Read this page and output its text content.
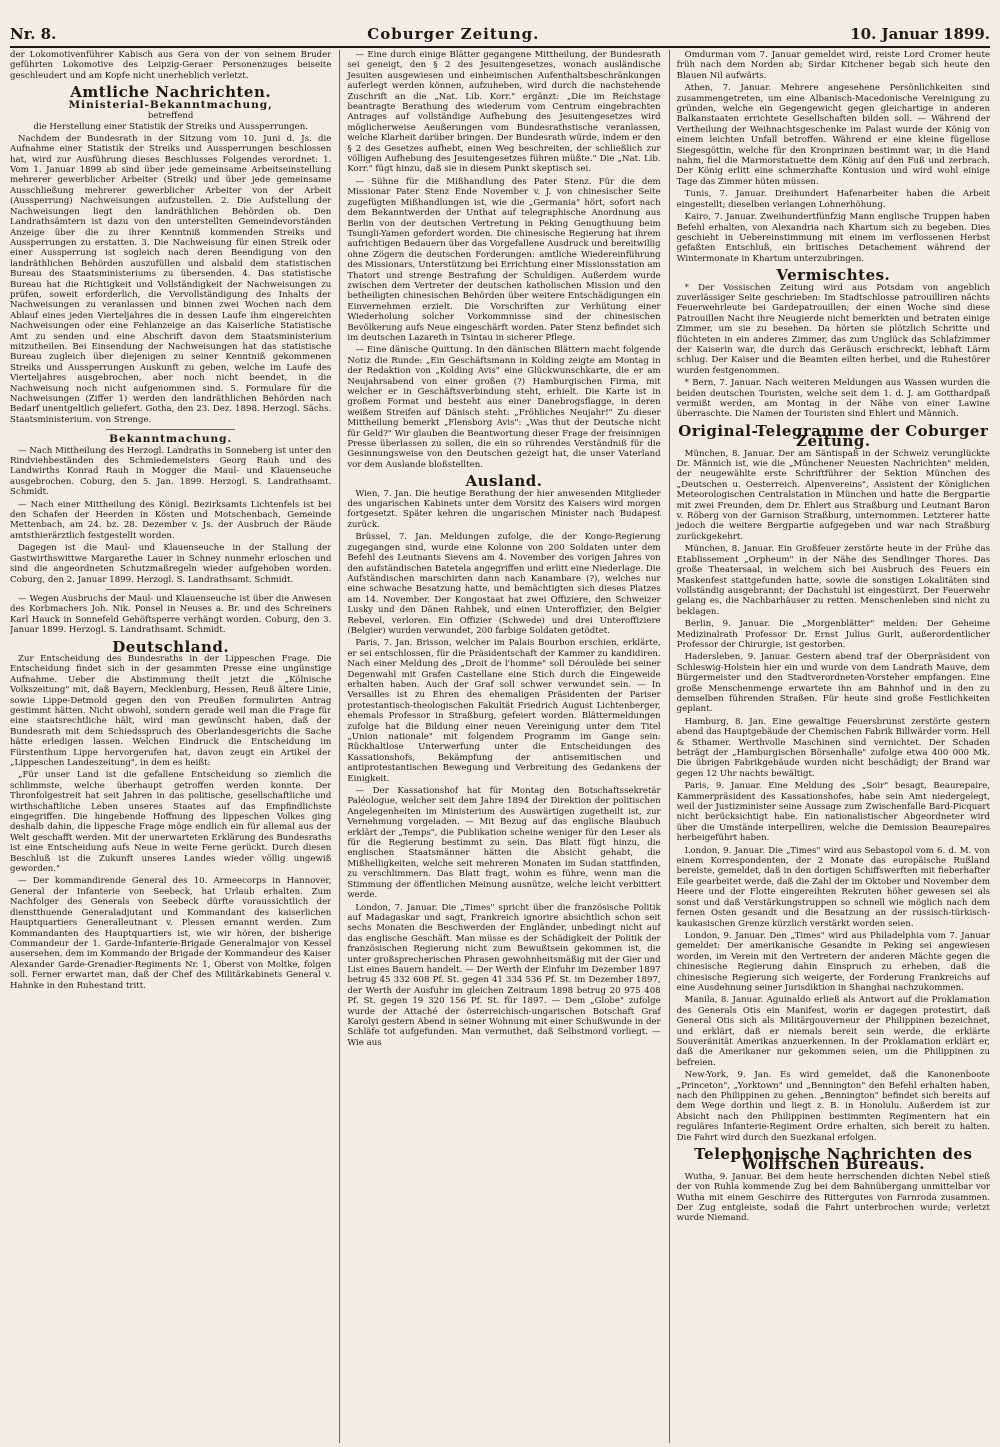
Nr. 8.	Coburger Zeitung.	10. Januar 1899.

der Lokomotivenführer Kabisch aus Gera von der von seinem Bruder geführten Lokomotive des Leipzig-Geraer Personenzuges beiseite geschleudert und am Kopfe nicht unerheblich verletzt.

Amtliche Nachrichten.
Ministerial-Bekanntmachung,
betreffend
die Herstellung einer Statistik der Streiks und Aussperrungen.

Nachdem der Bundesrath in der Sitzung vom 10. Juni d. Js. die Aufnahme einer Statistik der Streiks und Aussperrungen beschlossen hat, wird zur Ausführung dieses Beschlusses Folgendes verordnet: 1. Vom 1. Januar 1899 ab sind über jede gemeinsame Arbeitseinstellung mehrerer gewerblicher Arbeiter (Streik) und über jede gemeinsame Ausschließung mehrerer gewerblicher Arbeiter von der Arbeit (Aussperrung) Nachweisungen aufzustellen. 2. Die Aufstellung der Nachweisungen liegt den landräthlichen Behörden ob. Den Landrathsämtern ist dazu von den unterstellten Gemeindevorständen Anzeige über die zu ihrer Kenntniß kommenden Streiks und Aussperrungen zu erstatten. 3. Die Nachweisung für einen Streik oder einer Aussperrung ist sogleich nach deren Beendigung von den landräthlichen Behörden auszufüllen und alsbald dem statistischen Bureau des Staatsministeriums zu übersenden. 4. Das statistische Bureau hat die Richtigkeit und Vollständigkeit der Nachweisungen zu prüfen, soweit erforderlich, die Vervollständigung des Inhalts der Nachweisungen zu veranlassen und binnen zwei Wochen nach dem Ablauf eines jeden Vierteljahres die in dessen Laufe ihm eingereichten Nachweisungen oder eine Fehlanzeige an das Kaiserliche Statistische Amt zu senden und eine Abschrift davon dem Staatsministerium mitzutheilen. Bei Einsendung der Nachweisungen hat das statistische Bureau zugleich über diejenigen zu seiner Kenntniß gekommenen Streiks und Aussperrungen Auskunft zu geben, welche im Laufe des Vierteljahres ausgebrochen, aber noch nicht beendet, in die Nachweisung noch nicht aufgenommen sind. 5. Formulare für die Nachweisungen (Ziffer 1) werden den landräthlichen Behörden nach Bedarf unentgeltlich geliefert. Gotha, den 23. Dez. 1898. Herzogl. Sächs. Staatsministerium. von Strenge.

Bekanntmachung.

— Nach Mittheilung des Herzogl. Landraths in Sonneberg ist unter den Rindviehbeständen des Schmiedemeisters Georg Rauh und des Landwirths Konrad Rauh in Mogger die Maul- und Klauenseuche ausgebrochen. Coburg, den 5. Jan. 1899. Herzogl. S. Landrathsamt. Schmidt.

— Nach einer Mittheilung des Königl. Bezirksamts Lichtenfels ist bei den Schafen der Heerden in Kösten und Motschenbach, Gemeinde Mettenbach, am 24. bz. 28. Dezember v. Js. der Ausbruch der Räude amtsthierärztlich festgestellt worden.

Dagegen ist die Maul- und Klauenseuche in der Stallung der Gastwirthswittwe Margarethe Lauer in Schney nunmehr erloschen und sind die angeordneten Schutzmaßregeln wieder aufgehoben worden. Coburg, den 2. Januar 1899. Herzogl. S. Landrathsamt. Schmidt.

— Wegen Ausbruchs der Maul- und Klauenseuche ist über die Anwesen des Korbmachers Joh. Nik. Ponsel in Neuses a. Br. und des Schreiners Karl Hauck in Sonnefeld Gehöftsperre verhängt worden. Coburg, den 3. Januar 1899. Herzogl. S. Landrathsamt. Schmidt.

Deutschland.

Zur Entscheidung des Bundesraths in der Lippeschen Frage. Die Entscheidung findet sich in der gesammten Presse eine ungünstige Aufnahme. Ueber die Abstimmung theilt jetzt die „Kölnische Volkszeitung" mit, daß Bayern, Mecklenburg, Hessen, Reuß ältere Linie, sowie Lippe-Detmold gegen den von Preußen formulirten Antrag gestimmt hätten. Nicht obwohl, sondern gerade weil man die Frage für eine staatsrechtliche hält, wird man gewünscht haben, daß der Bundesrath mit dem Schiedsspruch des Oberlandesgerichts die Sache hätte erledigen lassen. Welchen Eindruck die Entscheidung im Fürstenthum Lippe hervorgerufen hat, davon zeugt ein Artikel der „Lippeschen Landeszeitung", in dem es heißt:

„Für unser Land ist die gefallene Entscheidung so ziemlich die schlimmste, welche überhaupt getroffen werden konnte. Der Thronfolgestreit hat seit Jahren in das politische, gesellschaftliche und wirthschaftliche Leben unseres Staates auf das Empfindlichste eingegriffen. Die hingebende Hoffnung des lippeschen Volkes ging deshalb dahin, die lippesche Frage möge endlich ein für allemal aus der Welt geschafft werden. Mit der unerwarteten Erklärung des Bundesraths ist eine Entscheidung aufs Neue in weite Ferne gerückt. Durch diesen Beschluß ist die Zukunft unseres Landes wieder völlig ungewiß geworden."

— Der kommandirende General des 10. Armeecorps in Hannover, General der Infanterie von Seebeck, hat Urlaub erhalten. Zum Nachfolger des Generals von Seebeck dürfte voraussichtlich der dienstthuende Generaladjutant und Kommandant des kaiserlichen Hauptquartiers Generalleutnant v. Plessen ernannt werden. Zum Kommandanten des Hauptquartiers ist, wie wir hören, der bisherige Commandeur der 1. Garde-Infanterie-Brigade Generalmajor von Kessel ausersehen, dem im Kommando der Brigade der Kommandeur des Kaiser Alexander Garde-Grenadier-Regiments Nr. 1, Oberst von Moltke, folgen soll. Ferner erwartet man, daß der Chef des Militärkabinets General v. Hahnke in den Ruhestand tritt.

— Eine durch einige Blätter gegangene Mittheilung, der Bundesrath sei geneigt, den § 2 des Jesuitengesetzes, wonach ausländische Jesuiten ausgewiesen und einheimischen Aufenthaltsbeschränkungen auferlegt werden können, aufzuheben, wird durch die nachstehende Zuschrift an die „Nat. Lib. Korr." ergänzt: „Die im Reichstage beantragte Berathung des wiederum vom Centrum eingebrachten Antrages auf vollständige Aufhebung des Jesuitengesetzes wird möglicherweise Aeußerungen vom Bundesrathstische veranlassen, welche Klarheit darüber bringen. Der Bundesrath würde, indem er den § 2 des Gesetzes aufhebt, einen Weg beschreiten, der schließlich zur völligen Aufhebung des Jesuitengesetzes führen müßte." Die „Nat. Lib. Korr." fügt hinzu, daß sie in diesem Punkt skeptisch sei.

— Sühne für die Mißhandlung des Pater Stenz. Für die dem Missionar Pater Stenz Ende November v. J. von chinesischer Seite zugefügten Mißhandlungen ist, wie die „Germania" hört, sofort nach dem Bekanntwerden der Unthat auf telegraphische Anordnung aus Berlin von der deutschen Vertretung in Peking Genugthuung beim Tsungli-Yamen gefordert worden. Die chinesische Regierung hat ihrem aufrichtigen Bedauern über das Vorgefallene Ausdruck und bereitwillig ohne Zögern die deutschen Forderungen: amtliche Wiedereinführung des Missionars, Unterstützung bei Errichtung einer Missionsstation am Thatort und strenge Bestrafung der Schuldigen. Außerdem wurde zwischen dem Vertreter der deutschen katholischen Mission und den betheiligten chinesischen Behörden über weitere Entschädigungen ein Einvernehmen erzielt. Die Vorschriften zur Verhütung einer Wiederholung solcher Vorkommnisse sind der chinesischen Bevölkerung aufs Neue eingeschärft worden. Pater Stenz befindet sich im deutschen Lazareth in Tsintau in sicherer Pflege.

— Eine dänische Quittung. In den dänischen Blättern macht folgende Notiz die Runde: „Ein Geschäftsmann in Kolding zeigte am Montag in der Redaktion von „Kolding Avis" eine Glückwunschkarte, die er am Neujahrsabend von einer großen (?) Hamburgischen Firma, mit welcher er in Geschäftsverbindung steht, erhielt. Die Karte ist in großem Format und besteht aus einer Danebrogsflagge, in deren weißem Streifen auf Dänisch steht: „Fröhliches Neujahr!" Zu dieser Mittheilung bemerkt „Flensborg Avis": „Was thut der Deutsche nicht für Geld?" Wir glauben die Beantwortung dieser Frage der freisinnigen Presse überlassen zu sollen, die ein so rührendes Verständniß für die Gesinnungsweise von den Deutschen gezeigt hat, die unser Vaterland vor dem Auslande bloßstellten.

Ausland.

Wien, 7. Jan. Die heutige Berathung der hier anwesenden Mitglieder des ungarischen Kabinets unter dem Vorsitz des Kaisers wird morgen fortgesetzt. Später kehren die ungarischen Minister nach Budapest zurück.

Brüssel, 7. Jan. Meldungen zufolge, die der Kongo-Regierung zugegangen sind, wurde eine Kolonne von 200 Soldaten unter dem Befehl des Leutnants Sievens am 4. November des vorigen Jahres von den aufständischen Batetela angegriffen und erlitt eine Niederlage. Die Aufständischen marschirten dann nach Kanambare (?), welches nur eine schwache Besatzung hatte, und bemächtigten sich dieses Platzes am 14. November. Der Kongostaat hat zwei Offiziere, den Schweizer Lusky und den Dänen Rahbek, und einen Unteroffizier, den Belgier Rebevel, verloren. Ein Offizier (Schwede) und drei Unteroffiziere (Belgier) wurden verwundet, 200 farbige Soldaten getödtet.

Paris, 7. Jan. Brisson, welcher im Palais Bourbon erschien, erklärte, er sei entschlossen, für die Präsidentschaft der Kammer zu kandidiren. Nach einer Meldung des „Droit de l'homme" soll Déroulède bei seiner Degenwahl mit Grafen Castellane eine Stich durch die Eingeweide erhalten haben. Auch der Graf soll schwer verwundet sein. — In Versailles ist zu Ehren des ehemaligen Präsidenten der Pariser protestantisch-theologischen Fakultät Friedrich August Lichtenberger, ehemals Professor in Straßburg, gefeiert worden. Blättermeldungen zufolge hat die Bildung einer neuen Vereinigung unter dem Titel „Union nationale" mit folgendem Programm im Gange sein: Rückhaltlose Unterwerfung unter die Entscheidungen des Kassationshofs, Bekämpfung der antisemitischen und antiprotestantischen Bewegung und Verbreitung des Gedankens der Einigkeit.

— Der Kassationshof hat für Montag den Botschaftssekretär Paléologue, welcher seit dem Jahre 1894 der Direktion der politischen Angelegenheiten im Ministerium des Auswärtigen zugetheilt ist, zur Vernehmung vorgeladen. — Mit Bezug auf das englische Blaubuch erklärt der „Temps", die Publikation scheine weniger für den Leser als für die Regierung bestimmt zu sein. Das Blatt fügt hinzu, die englischen Staatsmänner hätten die Absicht gehabt, die Mißhelligkeiten, welche seit mehreren Monaten im Sudan stattfinden, zu verschlimmern. Das Blatt fragt, wohin es führe, wenn man die Stimmung der öffentlichen Meinung ausnütze, welche leicht verbittert werde.

London, 7. Januar. Die „Times" spricht über die französische Politik auf Madagaskar und sagt, Frankreich ignorire absichtlich schon seit sechs Monaten die Beschwerden der Engländer, unbedingt nicht auf das englische Geschäft. Man müsse es der Schädigkeit der Politik der französischen Regierung nicht zum Bewußtsein gekommen ist, die unter großsprecherischen Phrasen gewohnheitsmäßig mit der Gier und List eines Bauern handelt. — Der Werth der Einfuhr im Dezember 1897 betrug 45 332 608 Pf. St. gegen 41 334 536 Pf. St. im Dezember 1897, der Werth der Ausfuhr im gleichen Zeitraum 1898 betrug 20 975 408 Pf. St. gegen 19 320 156 Pf. St. für 1897. — Dem „Globe" zufolge wurde der Attaché der österreichisch-ungarischen Botschaft Graf Karolyi gestern Abend in seiner Wohnung mit einer Schußwunde in der Schläfe tot aufgefunden. Man vermuthet, daß Selbstmord vorliegt. — Wie aus

Omdurman vom 7. Januar gemeldet wird, reiste Lord Cromer heute früh nach dem Norden ab; Sirdar Kitchener begab sich heute den Blauen Nil aufwärts.

Athen, 7. Januar. Mehrere angesehene Persönlichkeiten sind zusammengetreten, um eine Albanisch-Macedonische Vereinigung zu gründen, welche ein Gegengewicht gegen gleichartige in anderen Balkanstaaten errichtete Gesellschaften bilden soll. — Während der Vertheilung der Weihnachtsgeschenke im Palast wurde der König von einem leichten Unfall betroffen. Während er eine kleine fügellose Siegesgöttin, welche für den Kronprinzen bestimmt war, in die Hand nahm, fiel die Marmorstatuette dem König auf den Fuß und zerbrach. Der König erlitt eine schmerzhafte Kontusion und wird wohl einige Tage das Zimmer hüten müssen.

Tunis, 7. Januar. Dreihundert Hafenarbeiter haben die Arbeit eingestellt; dieselben verlangen Lohnerhöhung.

Kairo, 7. Januar. Zweihundertfünfzig Mann englische Truppen haben Befehl erhalten, von Alexandria nach Khartum sich zu begeben. Dies geschieht in Uebereinstimmung mit einem im verflossenen Herbst gefaßten Entschluß, ein britisches Detachement während der Wintermonate in Khartum unterzubringen.

Vermischtes.

* Der Vossischen Zeitung wird aus Potsdam von angeblich zuverlässiger Seite geschrieben: Im Stadtschlosse patrouilliren nächts Feuerwehrleute bei Gardepatrouillen; der einen Woche sind diese Patrouillen Nacht ihre Neugierde nicht bemerkten und betraten einige Zimmer, um sie zu besehen. Da hörten sie plötzlich Schritte und flüchteten in ein anderes Zimmer, das zum Unglück das Schlafzimmer der Kaiserin war, die durch das Geräusch erschreckt, lebhaft Lärm schlug. Der Kaiser und die Beamten eilten herbei, und die Ruhestörer wurden festgenommen.

* Bern, 7. Januar. Nach weiteren Meldungen aus Wassen wurden die beiden deutschen Touristen, welche seit dem 1. d. J. am Gotthardpaß vermißt werden, am Montag in der Nähe von einer Lawine überraschte. Die Namen der Touristen sind Ehlert und Männich.

Original-Telegramme der Coburger Zeitung.

München, 8. Januar. Der am Säntispaß in der Schweiz verunglückte Dr. Männich ist, wie die „Münchener Neuesten Nachrichten" melden, der neugewählte erste Schriftführer der Sektion München des „Deutschen u. Oesterreich. Alpenvereins", Assistent der Königlichen Meteorologischen Centralstation in München und hatte die Bergpartie mit zwei Freunden, dem Dr. Ehlert aus Straßburg und Leutnant Baron v. Röberg von der Garnison Straßburg, unternommen. Letzterer hatte jedoch die weitere Bergpartie aufgegeben und war nach Straßburg zurückgekehrt.

München, 8. Januar. Ein Großfeuer zerstörte heute in der Frühe das Etablissement „Orpheum" in der Nähe des Sendlinger Thores. Das große Theatersaal, in welchem sich bei Ausbruch des Feuers ein Maskenfest stattgefunden hatte, sowie die sonstigen Lokalitäten sind vollständig ausgebrannt; der Dachstuhl ist eingestürzt. Der Feuerwehr gelang es, die Nachbarhäuser zu retten. Menschenleben sind nicht zu beklagen.

Berlin, 9. Januar. Die „Morgenblätter" melden: Der Geheime Medizinalrath Professor Dr. Ernst Julius Gurlt, außerordentlicher Professor der Chirurgie, ist gestorben.

Hadersleben, 9. Januar. Gestern abend traf der Oberpräsident von Schleswig-Holstein hier ein und wurde von dem Landrath Mauve, dem Bürgermeister und den Stadtverordneten-Vorsteher empfangen. Eine große Menschenmenge erwartete ihn am Bahnhof und in den zu demselben führenden Straßen. Für heute sind große Festlichkeiten geplant.

Hamburg, 8. Jan. Eine gewaltige Feuersbrunst zerstörte gestern abend das Hauptgebäude der Chemischen Fabrik Billwärder vorm. Hell & Sthamer. Werthvolle Maschinen sind vernichtet. Der Schaden beträgt der „Hamburgischen Börsenhalle" zufolge etwa 400 000 Mk. Die übrigen Fabrikgebäude wurden nicht beschädigt; der Brand war gegen 12 Uhr nachts bewältigt.

Paris, 9. Januar. Eine Meldung des „Soir" besagt, Beaurepaire, Kammerpräsident des Kassationshofes, habe sein Amt niedergelegt, weil der Justizminister seine Aussage zum Zwischenfalle Bard-Picquart nicht berücksichtigt habe. Ein nationalistischer Abgeordneter wird über die Umstände interpelliren, welche die Demission Beaurepaires herbeigeführt haben.

London, 9. Januar. Die „Times" wird aus Sebastopol vom 6. d. M. von einem Korrespondenten, der 2 Monate das europäische Rußland bereiste, gemeldet, daß in den dortigen Schiffswerften mit fieberhafter Eile gearbeitet werde, daß die Zahl der im Oktober und November dem Heere und der Flotte eingereihten Rekruten höher gewesen sei als sonst und daß Verstärkungstruppen so schnell wie möglich nach dem fernen Osten gesandt und die Besatzung an der russisch-türkisch-kaukasischen Grenze kürzlich verstärkt worden seien.

London, 9. Januar. Den „Times" wird aus Philadelphia vom 7. Januar gemeldet: Der amerikanische Gesandte in Peking sei angewiesen worden, im Verein mit den Vertretern der anderen Mächte gegen die chinesische Regierung dahin Einspruch zu erheben, daß die chinesische Regierung sich weigerte, der Forderung Frankreichs auf eine Ausdehnung seiner Jurisdiktion in Shanghai nachzukommen.

Manila, 8. Januar. Aguinaldo erließ als Antwort auf die Proklamation des Generals Otis ein Manifest, worin er dagegen protestirt, daß General Otis sich als Militärgouverneur der Philippinen bezeichnet, und erklärt, daß er niemals bereit sein werde, die erklärte Souveränität Amerikas anzuerkennen. In der Proklamation erklärt er, daß die Amerikaner nur gekommen seien, um die Philippinen zu befreien.

New-York, 9. Jan. Es wird gemeldet, daß die Kanonenboote „Princeton", „Yorktown" und „Bennington" den Befehl erhalten haben, nach den Philippinen zu gehen. „Bennington" befindet sich bereits auf dem Wege dorthin und liegt z. B. in Honolulu. Außerdem ist zur Absicht nach den Philippinen bestimmten Regimentern hat ein reguläres Infanterie-Regiment Ordre erhalten, sich bereit zu halten. Die Fahrt wird durch den Suezkanal erfolgen.

Telephonische Nachrichten des Wolffschen Bureaus.

Wutha, 9. Januar. Bei dem heute herrschenden dichten Nebel stieß der von Ruhla kommende Zug bei dem Bahnübergang unmittelbar vor Wutha mit einem Geschirre des Rittergutes von Farnroda zusammen. Der Zug entgleiste, sodaß die Fahrt unterbrochen wurde; verletzt wurde Niemand.
